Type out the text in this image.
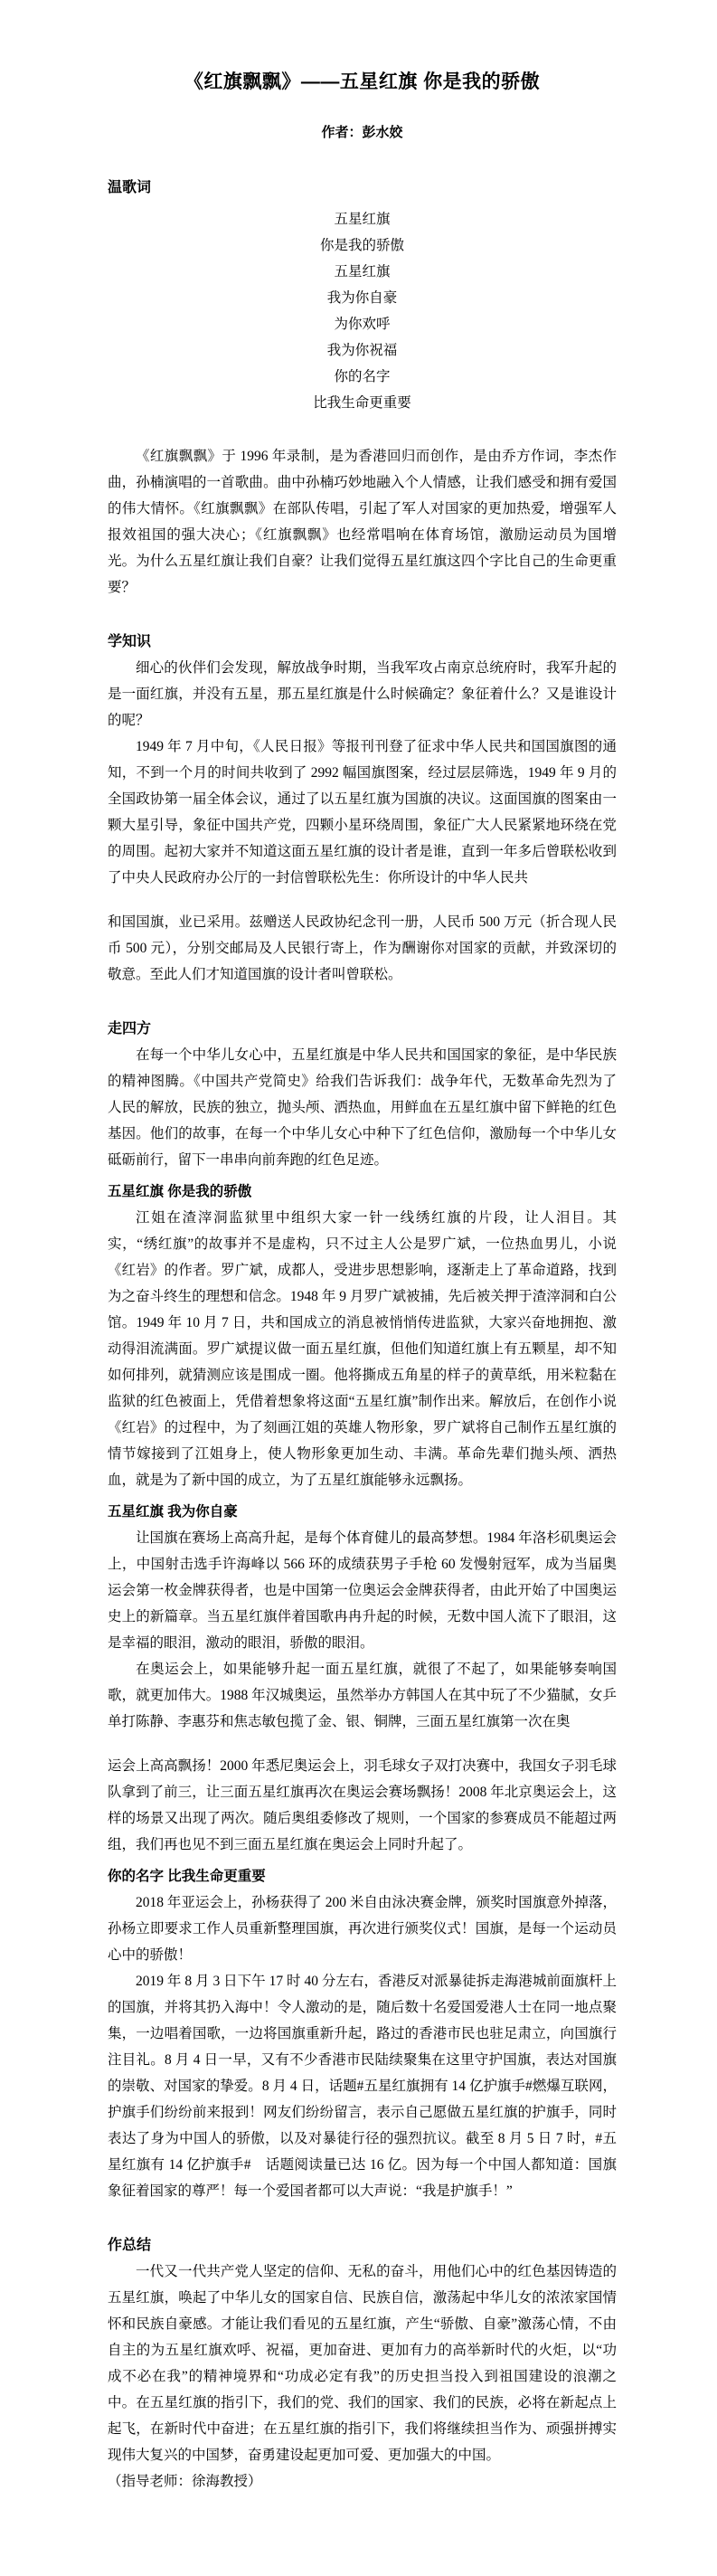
《红旗飘飘》——五星红旗 你是我的骄傲
作者：彭水姣
温歌词
五星红旗
你是我的骄傲
五星红旗
我为你自豪
为你欢呼
我为你祝福
你的名字
比我生命更重要

《红旗飘飘》于 1996 年录制，是为香港回归而创作，是由乔方作词，李杰作曲，孙楠演唱的一首歌曲。曲中孙楠巧妙地融入个人情感，让我们感受和拥有爱国的伟大情怀。《红旗飘飘》在部队传唱，引起了军人对国家的更加热爱，增强军人报效祖国的强大决心；《红旗飘飘》也经常唱响在体育场馆，激励运动员为国增光。为什么五星红旗让我们自豪？让我们觉得五星红旗这四个字比自己的生命更重要？

学知识

细心的伙伴们会发现，解放战争时期，当我军攻占南京总统府时，我军升起的是一面红旗，并没有五星，那五星红旗是什么时候确定？象征着什么？又是谁设计的呢？

1949 年 7 月中旬，《人民日报》等报刊刊登了征求中华人民共和国国旗图的通知，不到一个月的时间共收到了 2992 幅国旗图案，经过层层筛选，1949 年 9 月的全国政协第一届全体会议，通过了以五星红旗为国旗的决议。这面国旗的图案由一颗大星引导，象征中国共产党，四颗小星环绕周围，象征广大人民紧紧地环绕在党的周围。起初大家并不知道这面五星红旗的设计者是谁，直到一年多后曾联松收到了中央人民政府办公厅的一封信曾联松先生：你所设计的中华人民共

和国国旗，业已采用。兹赠送人民政协纪念刊一册，人民币 500 万元（折合现人民币 500 元），分别交邮局及人民银行寄上，作为酬谢你对国家的贡献，并致深切的敬意。至此人们才知道国旗的设计者叫曾联松。

走四方

在每一个中华儿女心中，五星红旗是中华人民共和国国家的象征，是中华民族的精神图腾。《中国共产党简史》给我们告诉我们：战争年代，无数革命先烈为了人民的解放，民族的独立，抛头颅、洒热血，用鲜血在五星红旗中留下鲜艳的红色基因。他们的故事，在每一个中华儿女心中种下了红色信仰，激励每一个中华儿女砥砺前行，留下一串串向前奔跑的红色足迹。

五星红旗 你是我的骄傲

江姐在渣滓洞监狱里中组织大家一针一线绣红旗的片段，让人泪目。其实，“绣红旗”的故事并不是虚构，只不过主人公是罗广斌，一位热血男儿，小说《红岩》的作者。罗广斌，成都人，受进步思想影响，逐渐走上了革命道路，找到为之奋斗终生的理想和信念。1948 年 9 月罗广斌被捕，先后被关押于渣滓洞和白公馆。1949 年 10 月 7 日，共和国成立的消息被悄悄传进监狱，大家兴奋地拥抱、激动得泪流满面。罗广斌提议做一面五星红旗，但他们知道红旗上有五颗星，却不知如何排列，就猜测应该是围成一圈。他将撕成五角星的样子的黄草纸，用米粒黏在监狱的红色被面上，凭借着想象将这面“五星红旗”制作出来。解放后，在创作小说《红岩》的过程中，为了刻画江姐的英雄人物形象，罗广斌将自己制作五星红旗的情节嫁接到了江姐身上，使人物形象更加生动、丰满。革命先辈们抛头颅、洒热血，就是为了新中国的成立，为了五星红旗能够永远飘扬。

五星红旗 我为你自豪

让国旗在赛场上高高升起，是每个体育健儿的最高梦想。1984 年洛杉矶奥运会上，中国射击选手许海峰以 566 环的成绩获男子手枪 60 发慢射冠军，成为当届奥运会第一枚金牌获得者，也是中国第一位奥运会金牌获得者，由此开始了中国奥运史上的新篇章。当五星红旗伴着国歌冉冉升起的时候，无数中国人流下了眼泪，这是幸福的眼泪，激动的眼泪，骄傲的眼泪。

在奥运会上，如果能够升起一面五星红旗，就很了不起了，如果能够奏响国歌，就更加伟大。1988 年汉城奥运，虽然举办方韩国人在其中玩了不少猫腻，女乒单打陈静、李惠芬和焦志敏包揽了金、银、铜牌，三面五星红旗第一次在奥

运会上高高飘扬！2000 年悉尼奥运会上，羽毛球女子双打决赛中，我国女子羽毛球队拿到了前三，让三面五星红旗再次在奥运会赛场飘扬！2008 年北京奥运会上，这样的场景又出现了两次。随后奥组委修改了规则，一个国家的参赛成员不能超过两组，我们再也见不到三面五星红旗在奥运会上同时升起了。

你的名字 比我生命更重要

2018 年亚运会上，孙杨获得了 200 米自由泳决赛金牌，颁奖时国旗意外掉落，孙杨立即要求工作人员重新整理国旗，再次进行颁奖仪式！国旗，是每一个运动员心中的骄傲！

2019 年 8 月 3 日下午 17 时 40 分左右，香港反对派暴徒拆走海港城前面旗杆上的国旗，并将其扔入海中！令人激动的是，随后数十名爱国爱港人士在同一地点聚集，一边唱着国歌，一边将国旗重新升起，路过的香港市民也驻足肃立，向国旗行注目礼。8 月 4 日一早，又有不少香港市民陆续聚集在这里守护国旗，表达对国旗的崇敬、对国家的挚爱。8 月 4 日，话题#五星红旗拥有 14 亿护旗手#燃爆互联网，护旗手们纷纷前来报到！网友们纷纷留言，表示自己愿做五星红旗的护旗手，同时表达了身为中国人的骄傲，以及对暴徒行径的强烈抗议。截至 8 月 5 日 7 时，#五星红旗有 14 亿护旗手#　话题阅读量已达 16 亿。因为每一个中国人都知道：国旗象征着国家的尊严！每一个爱国者都可以大声说：“我是护旗手！”

作总结

一代又一代共产党人坚定的信仰、无私的奋斗，用他们心中的红色基因铸造的五星红旗，唤起了中华儿女的国家自信、民族自信，激荡起中华儿女的浓浓家国情怀和民族自豪感。才能让我们看见的五星红旗，产生“骄傲、自豪”激荡心情，不由自主的为五星红旗欢呼、祝福，更加奋进、更加有力的高举新时代的火炬，以“功成不必在我”的精神境界和“功成必定有我”的历史担当投入到祖国建设的浪潮之中。在五星红旗的指引下，我们的党、我们的国家、我们的民族，必将在新起点上起飞，在新时代中奋进；在五星红旗的指引下，我们将继续担当作为、顽强拼搏实现伟大复兴的中国梦，奋勇建设起更加可爱、更加强大的中国。

（指导老师：徐海教授）
